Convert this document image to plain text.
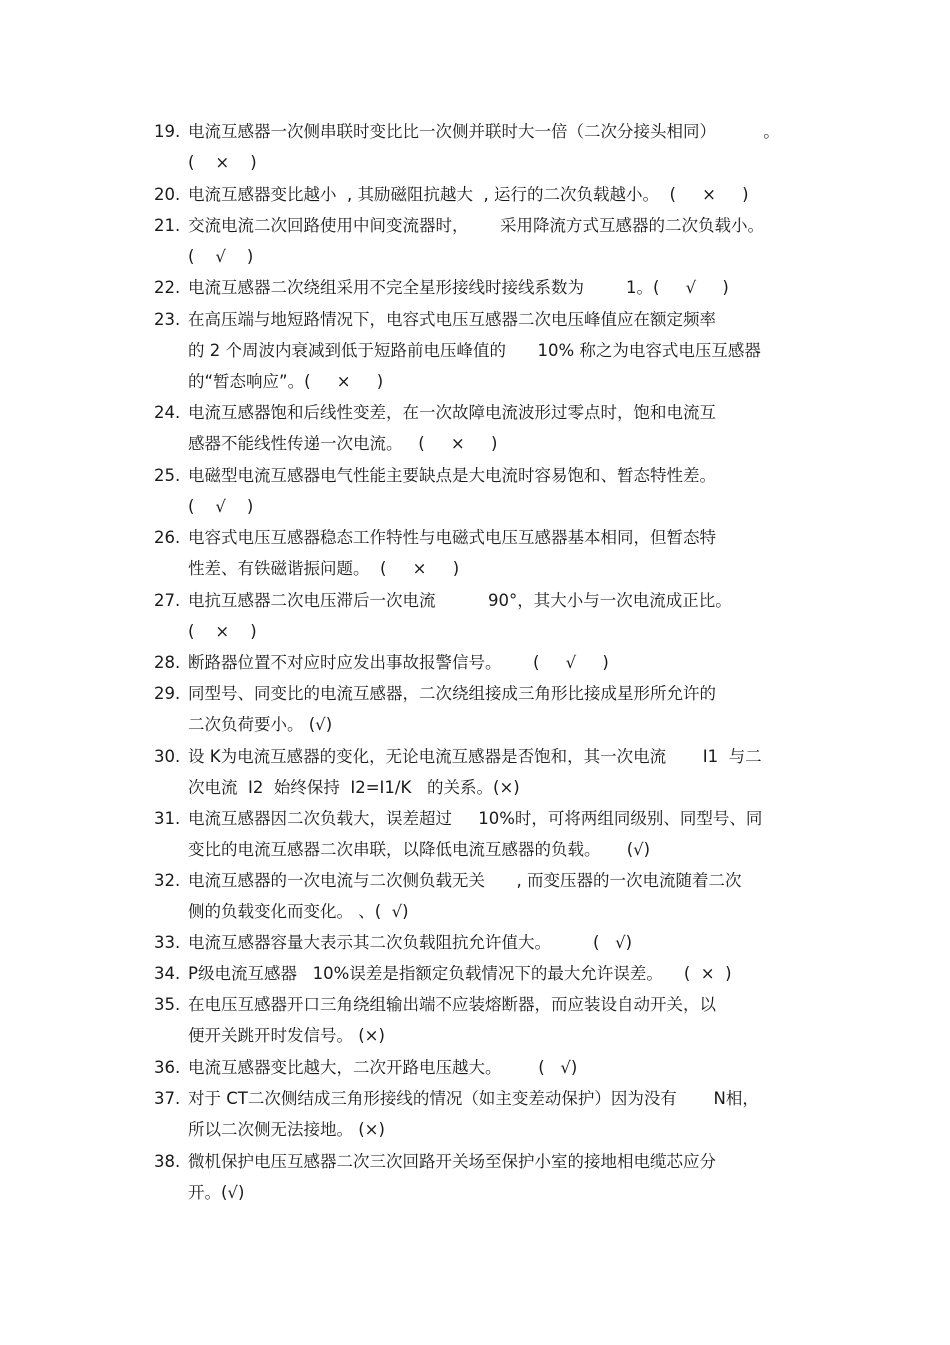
19. 电流互感器一次侧串联时变比比一次侧并联时大一倍（二次分接头相同）         。
(    ×    )
20. 电流互感器变比越小  , 其励磁阻抗越大  , 运行的二次负载越小。  (     ×     )
21. 交流电流二次回路使用中间变流器时，      采用降流方式互感器的二次负载小。
(    √    )
22. 电流互感器二次绕组采用不完全星形接线时接线系数为        1。(     √     )
23. 在高压端与地短路情况下，电容式电压互感器二次电压峰值应在额定频率
的 2 个周波内衰减到低于短路前电压峰值的      10% 称之为电容式电压互感器
的“暂态响应”。(     ×     )
24. 电流互感器饱和后线性变差，在一次故障电流波形过零点时，饱和电流互
感器不能线性传递一次电流。   (     ×     )
25. 电磁型电流互感器电气性能主要缺点是大电流时容易饱和、暂态特性差。
(    √    )
26. 电容式电压互感器稳态工作特性与电磁式电压互感器基本相同，但暂态特
性差、有铁磁谐振问题。  (     ×     )
27. 电抗互感器二次电压滞后一次电流          90°，其大小与一次电流成正比。
(    ×    )
28. 断路器位置不对应时应发出事故报警信号。      (     √     )
29. 同型号、同变比的电流互感器，二次绕组接成三角形比接成星形所允许的
二次负荷要小。 (√)
30. 设 K为电流互感器的变化，无论电流互感器是否饱和，其一次电流       I1  与二
次电流  I2  始终保持  I2=I1/K   的关系。(×)
31. 电流互感器因二次负载大，误差超过     10%时，可将两组同级别、同型号、同
变比的电流互感器二次串联，以降低电流互感器的负载。     (√)
32. 电流互感器的一次电流与二次侧负载无关      , 而变压器的一次电流随着二次
侧的负载变化而变化。 、(  √)
33. 电流互感器容量大表示其二次负载阻抗允许值大。        (   √)
34. P级电流互感器   10%误差是指额定负载情况下的最大允许误差。    (  ×  )
35. 在电压互感器开口三角绕组输出端不应装熔断器，而应装设自动开关，以
便开关跳开时发信号。 (×)
36. 电流互感器变比越大，二次开路电压越大。       (   √)
37. 对于 CT二次侧结成三角形接线的情况（如主变差动保护）因为没有       N相，
所以二次侧无法接地。 (×)
38. 微机保护电压互感器二次三次回路开关场至保护小室的接地相电缆芯应分
开。(√)
